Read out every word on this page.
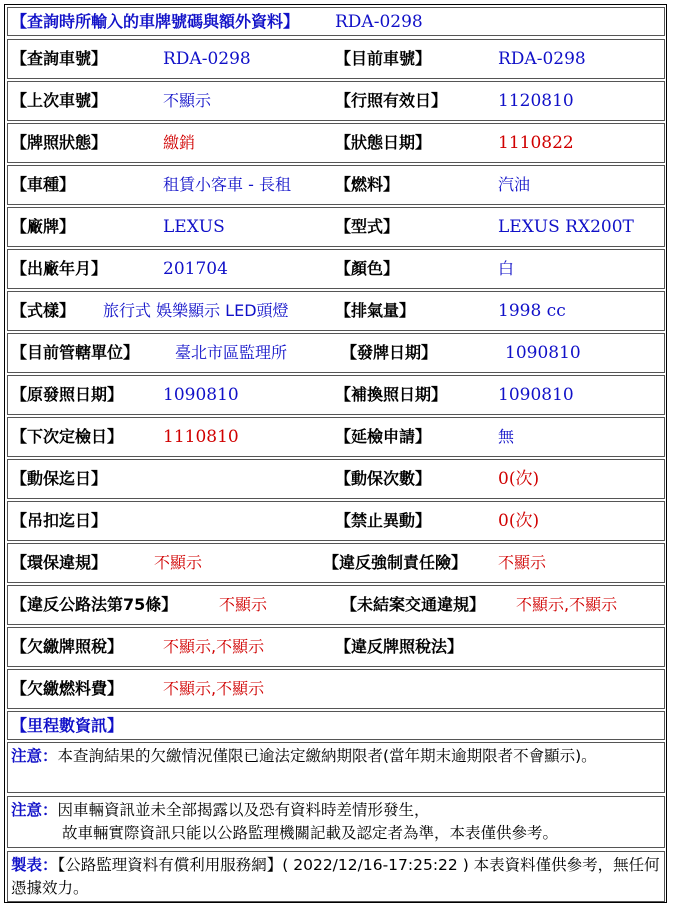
【查詢時所輸入的車牌號碼與額外資料】 RDA-0298
【查詢車號】	RDA-0298	【目前車號】	RDA-0298
【上次車號】	不顯示	【行照有效日】	1120810
【牌照狀態】	繳銷	【狀態日期】	1110822
【車種】	租賃小客車 - 長租	【燃料】	汽油
【廠牌】	LEXUS	【型式】	LEXUS RX200T
【出廠年月】	201704	【顏色】	白
【式樣】 旅行式 娛樂顯示 LED頭燈	【排氣量】	1998 cc
【目前管轄單位】 臺北市區監理所	【發牌日期】	1090810
【原發照日期】 1090810	【補換照日期】	1090810
【下次定檢日】 1110810	【延檢申請】	無
【動保迄日】	【動保次數】	0(次)
【吊扣迄日】	【禁止異動】	0(次)
【環保違規】	不顯示	【違反強制責任險】 不顯示
【違反公路法第75條】	不顯示	【未結案交通違規】 不顯示,不顯示
【欠繳牌照稅】 不顯示,不顯示	【違反牌照稅法】
【欠繳燃料費】 不顯示,不顯示
【里程數資訊】
注意：本查詢結果的欠繳情況僅限已逾法定繳納期限者(當年期末逾期限者不會顯示)。
注意：因車輛資訊並未全部揭露以及恐有資料時差情形發生，
故車輛實際資訊只能以公路監理機關記載及認定者為準，本表僅供參考。
製表：【公路監理資料有償利用服務網】( 2022/12/16-17:25:22 ) 本表資料僅供參考，無任何憑據效力。
